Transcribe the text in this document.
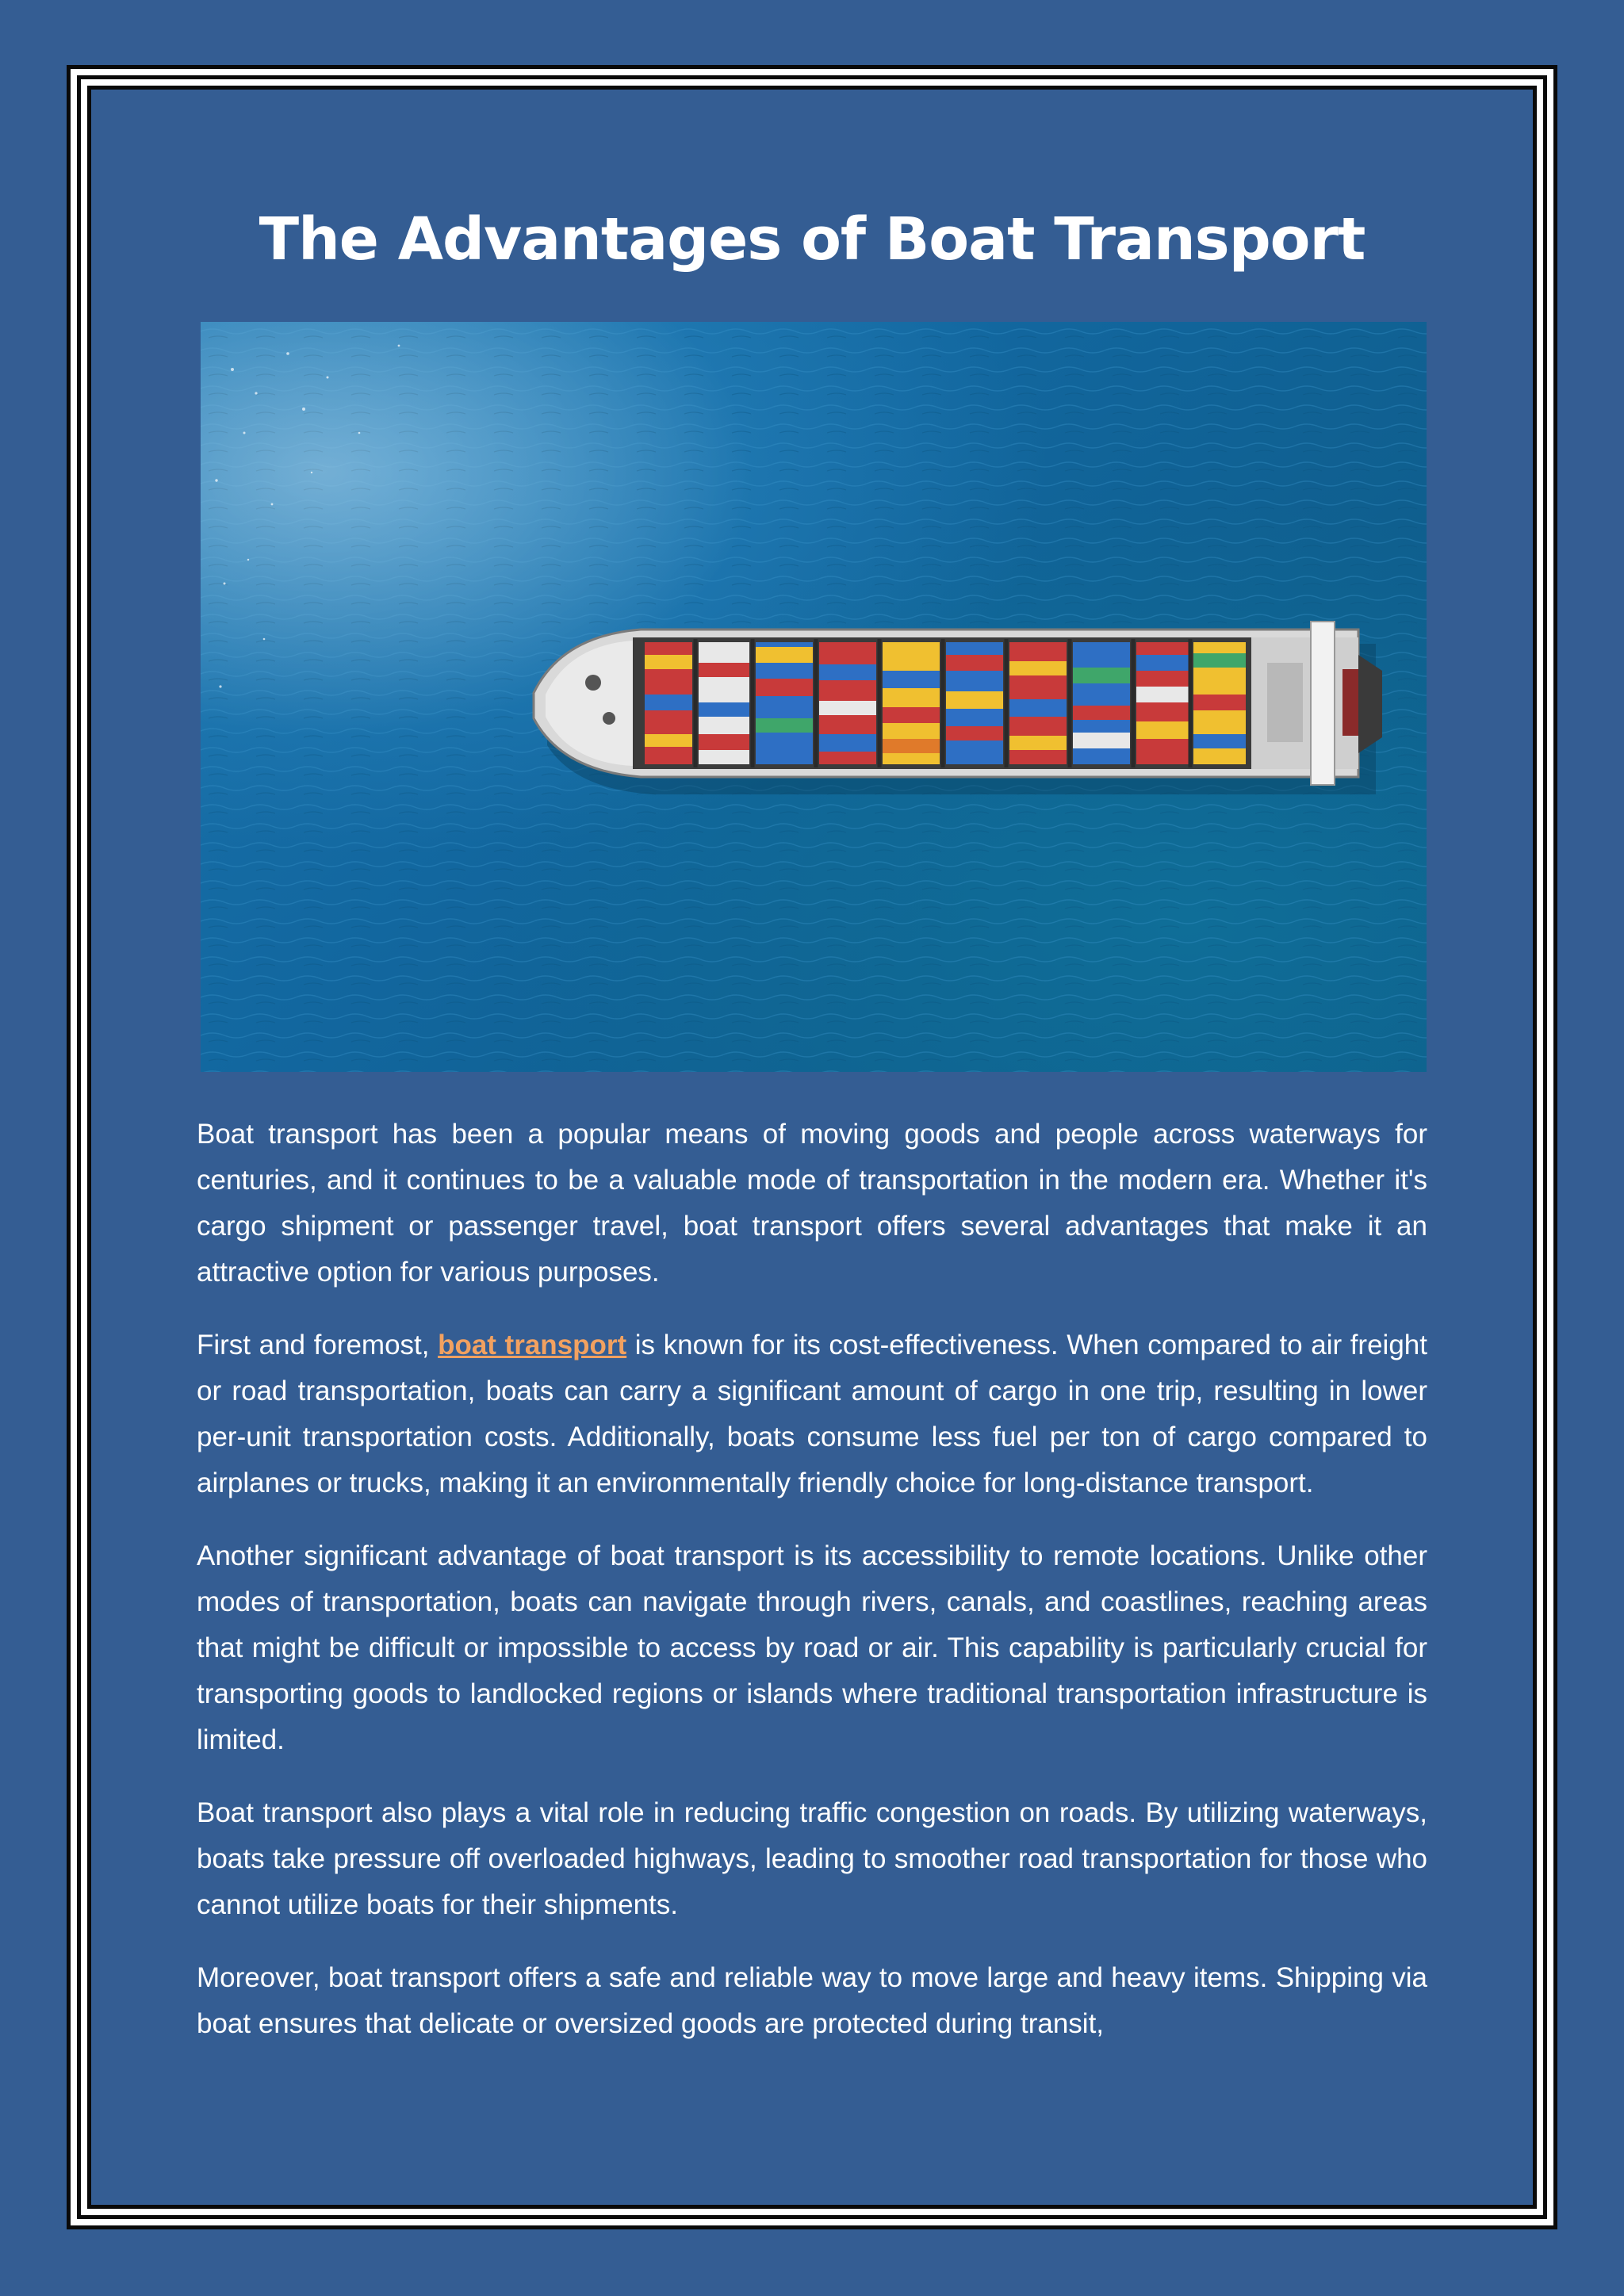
The Advantages of Boat Transport

Boat transport has been a popular means of moving goods and people across waterways for centuries, and it continues to be a valuable mode of transportation in the modern era. Whether it's cargo shipment or passenger travel, boat transport offers several advantages that make it an attractive option for various purposes.

First and foremost, boat transport is known for its cost-effectiveness. When compared to air freight or road transportation, boats can carry a significant amount of cargo in one trip, resulting in lower per-unit transportation costs. Additionally, boats consume less fuel per ton of cargo compared to airplanes or trucks, making it an environmentally friendly choice for long-distance transport.

Another significant advantage of boat transport is its accessibility to remote locations. Unlike other modes of transportation, boats can navigate through rivers, canals, and coastlines, reaching areas that might be difficult or impossible to access by road or air. This capability is particularly crucial for transporting goods to landlocked regions or islands where traditional transportation infrastructure is limited.

Boat transport also plays a vital role in reducing traffic congestion on roads. By utilizing waterways, boats take pressure off overloaded highways, leading to smoother road transportation for those who cannot utilize boats for their shipments.

Moreover, boat transport offers a safe and reliable way to move large and heavy items. Shipping via boat ensures that delicate or oversized goods are protected during transit,
